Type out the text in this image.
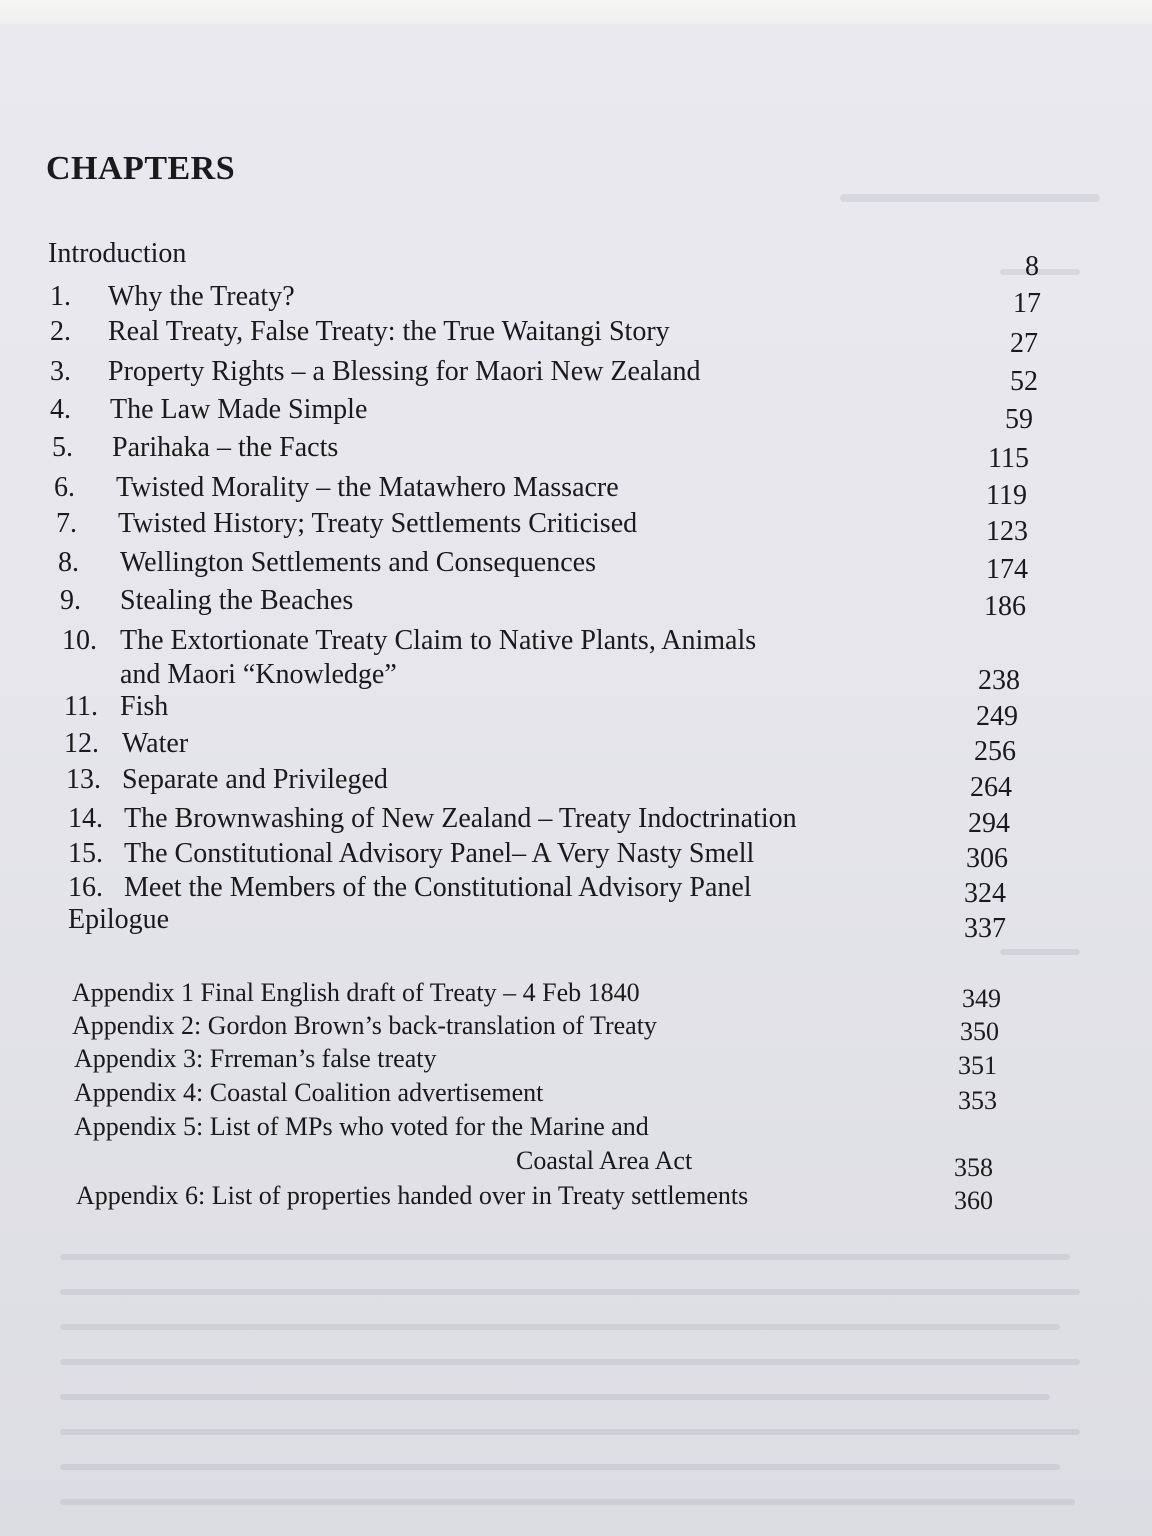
CHAPTERS
Introduction	8
1. Why the Treaty?	17
2. Real Treaty, False Treaty: the True Waitangi Story	27
3. Property Rights – a Blessing for Maori New Zealand	52
4. The Law Made Simple	59
5. Parihaka – the Facts	115
6. Twisted Morality – the Matawhero Massacre	119
7. Twisted History; Treaty Settlements Criticised	123
8. Wellington Settlements and Consequences	174
9. Stealing the Beaches	186
10. The Extortionate Treaty Claim to Native Plants, Animals
and Maori “Knowledge”	238
11. Fish	249
12. Water	256
13. Separate and Privileged	264
14. The Brownwashing of New Zealand – Treaty Indoctrination	294
15. The Constitutional Advisory Panel– A Very Nasty Smell	306
16. Meet the Members of the Constitutional Advisory Panel	324
Epilogue	337
Appendix 1 Final English draft of Treaty – 4 Feb 1840	349
Appendix 2: Gordon Brown’s back-translation of Treaty	350
Appendix 3: Frreman’s false treaty	351
Appendix 4: Coastal Coalition advertisement	353
Appendix 5: List of MPs who voted for the Marine and
Coastal Area Act	358
Appendix 6: List of properties handed over in Treaty settlements	360
